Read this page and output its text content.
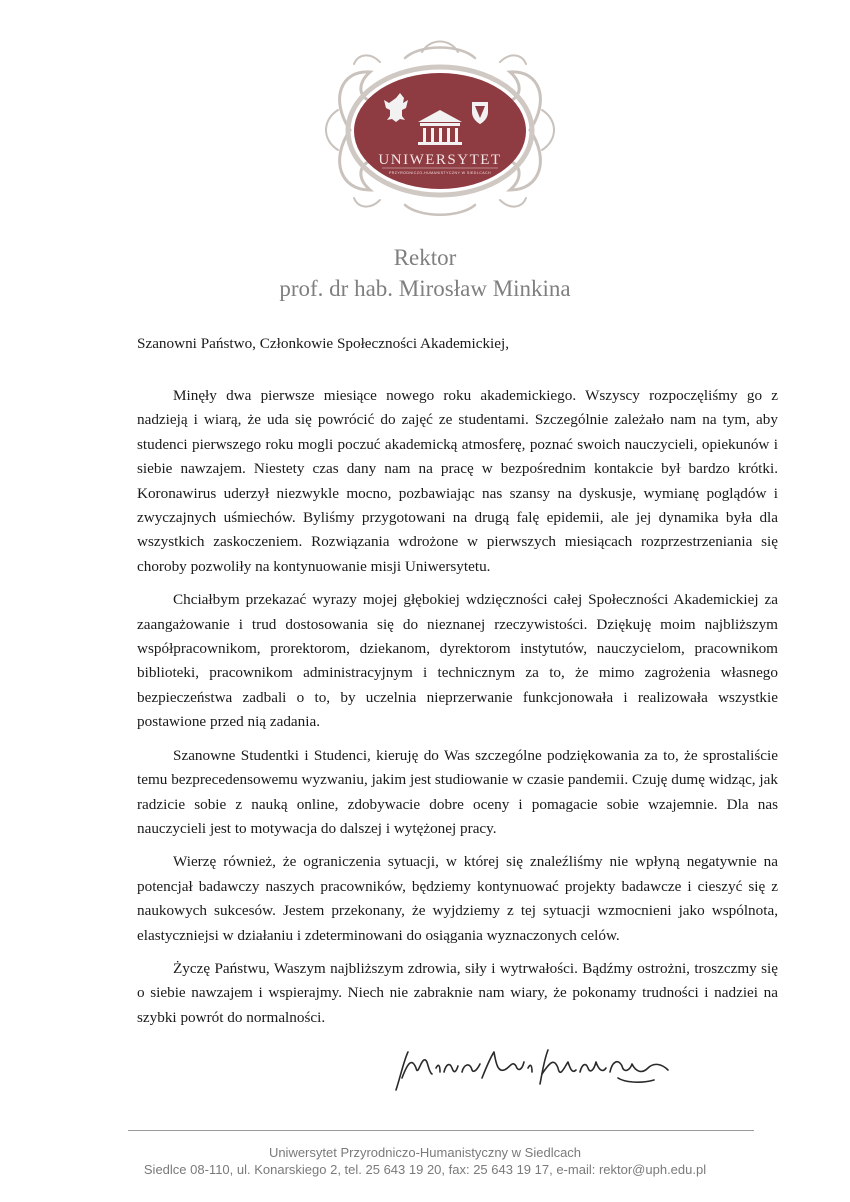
UNIWERSYTET
PRZYRODNICZO-HUMANISTYCZNY W SIEDLCACH
Rektor
prof. dr hab. Mirosław Minkina
Szanowni Państwo, Członkowie Społeczności Akademickiej,

Minęły dwa pierwsze miesiące nowego roku akademickiego. Wszyscy rozpoczęliśmy go z nadzieją i wiarą, że uda się powrócić do zajęć ze studentami. Szczególnie zależało nam na tym, aby studenci pierwszego roku mogli poczuć akademicką atmosferę, poznać swoich nauczycieli, opiekunów i siebie nawzajem. Niestety czas dany nam na pracę w bezpośrednim kontakcie był bardzo krótki. Koronawirus uderzył niezwykle mocno, pozbawiając nas szansy na dyskusje, wymianę poglądów i zwyczajnych uśmiechów. Byliśmy przygotowani na drugą falę epidemii, ale jej dynamika była dla wszystkich zaskoczeniem. Rozwiązania wdrożone w pierwszych miesiącach rozprzestrzeniania się choroby pozwoliły na kontynuowanie misji Uniwersytetu.

Chciałbym przekazać wyrazy mojej głębokiej wdzięczności całej Społeczności Akademickiej za zaangażowanie i trud dostosowania się do nieznanej rzeczywistości. Dziękuję moim najbliższym współpracownikom, prorektorom, dziekanom, dyrektorom instytutów, nauczycielom, pracownikom biblioteki, pracownikom administracyjnym i technicznym za to, że mimo zagrożenia własnego bezpieczeństwa zadbali o to, by uczelnia nieprzerwanie funkcjonowała i realizowała wszystkie postawione przed nią zadania.

Szanowne Studentki i Studenci, kieruję do Was szczególne podziękowania za to, że sprostaliście temu bezprecedensowemu wyzwaniu, jakim jest studiowanie w czasie pandemii. Czuję dumę widząc, jak radzicie sobie z nauką online, zdobywacie dobre oceny i pomagacie sobie wzajemnie. Dla nas nauczycieli jest to motywacja do dalszej i wytężonej pracy.

Wierzę również, że ograniczenia sytuacji, w której się znaleźliśmy nie wpłyną negatywnie na potencjał badawczy naszych pracowników, będziemy kontynuować projekty badawcze i cieszyć się z naukowych sukcesów. Jestem przekonany, że wyjdziemy z tej sytuacji wzmocnieni jako wspólnota, elastyczniejsi w działaniu i zdeterminowani do osiągania wyznaczonych celów.

Życzę Państwu, Waszym najbliższym zdrowia, siły i wytrwałości. Bądźmy ostrożni, troszczmy się o siebie nawzajem i wspierajmy. Niech nie zabraknie nam wiary, że pokonamy trudności i nadziei na szybki powrót do normalności.

Uniwersytet Przyrodniczo-Humanistyczny w Siedlcach
Siedlce 08-110, ul. Konarskiego 2, tel. 25 643 19 20, fax: 25 643 19 17, e-mail: rektor@uph.edu.pl
